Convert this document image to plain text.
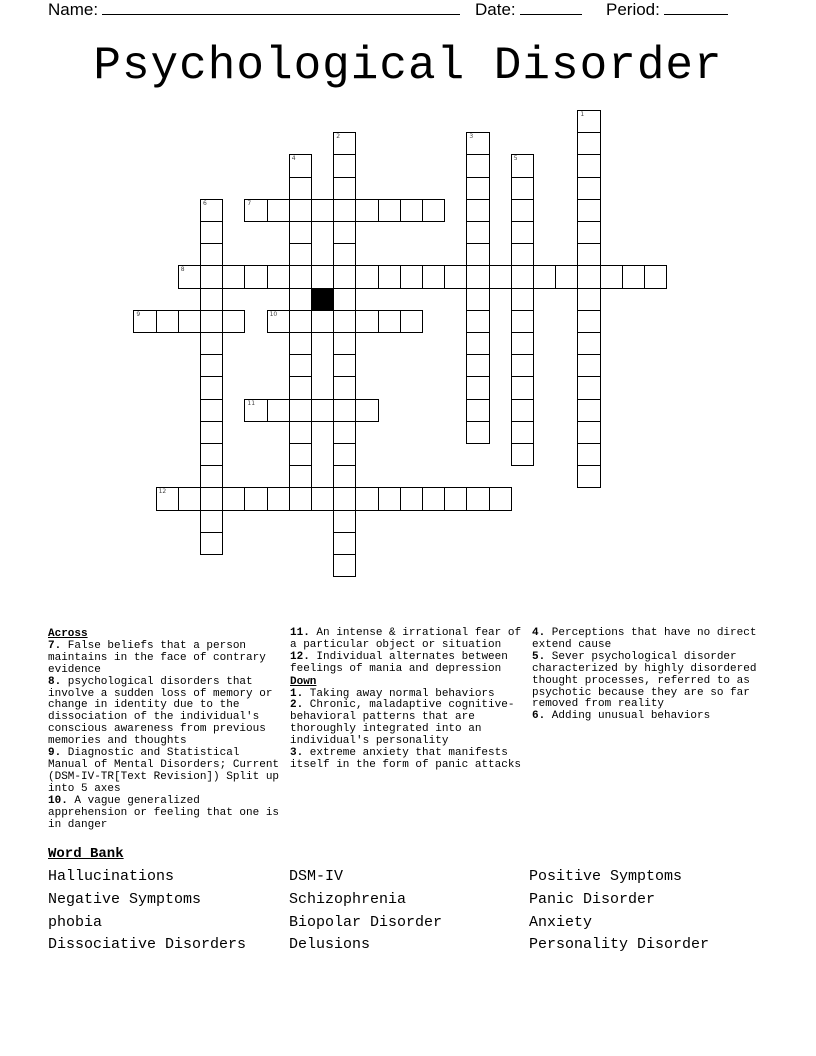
Name:	Date:	Period:
Psychological Disorder
7
8
9	10
11
12
1
2	3
4	5
6
Across
7. False beliefs that a person maintains in the face of contrary evidence
8. psychological disorders that involve a sudden loss of memory or change in identity due to the dissociation of the individual's conscious awareness from previous memories and thoughts
9. Diagnostic and Statistical Manual of Mental Disorders; Current (DSM-IV-TR[Text Revision]) Split up into 5 axes
10. A vague generalized apprehension or feeling that one is in danger
11. An intense & irrational fear of a particular object or situation
12. Individual alternates between feelings of mania and depression
Down
1. Taking away normal behaviors
2. Chronic, maladaptive cognitive-behavioral patterns that are thoroughly integrated into an individual's personality
3. extreme anxiety that manifests itself in the form of panic attacks
4. Perceptions that have no direct extend cause
5. Sever psychological disorder characterized by highly disordered thought processes, referred to as psychotic because they are so far removed from reality
6. Adding unusual behaviors
Word Bank
Hallucinations	DSM-IV	Positive Symptoms
Negative Symptoms	Schizophrenia	Panic Disorder
phobia	Biopolar Disorder	Anxiety
Dissociative Disorders	Delusions	Personality Disorder
